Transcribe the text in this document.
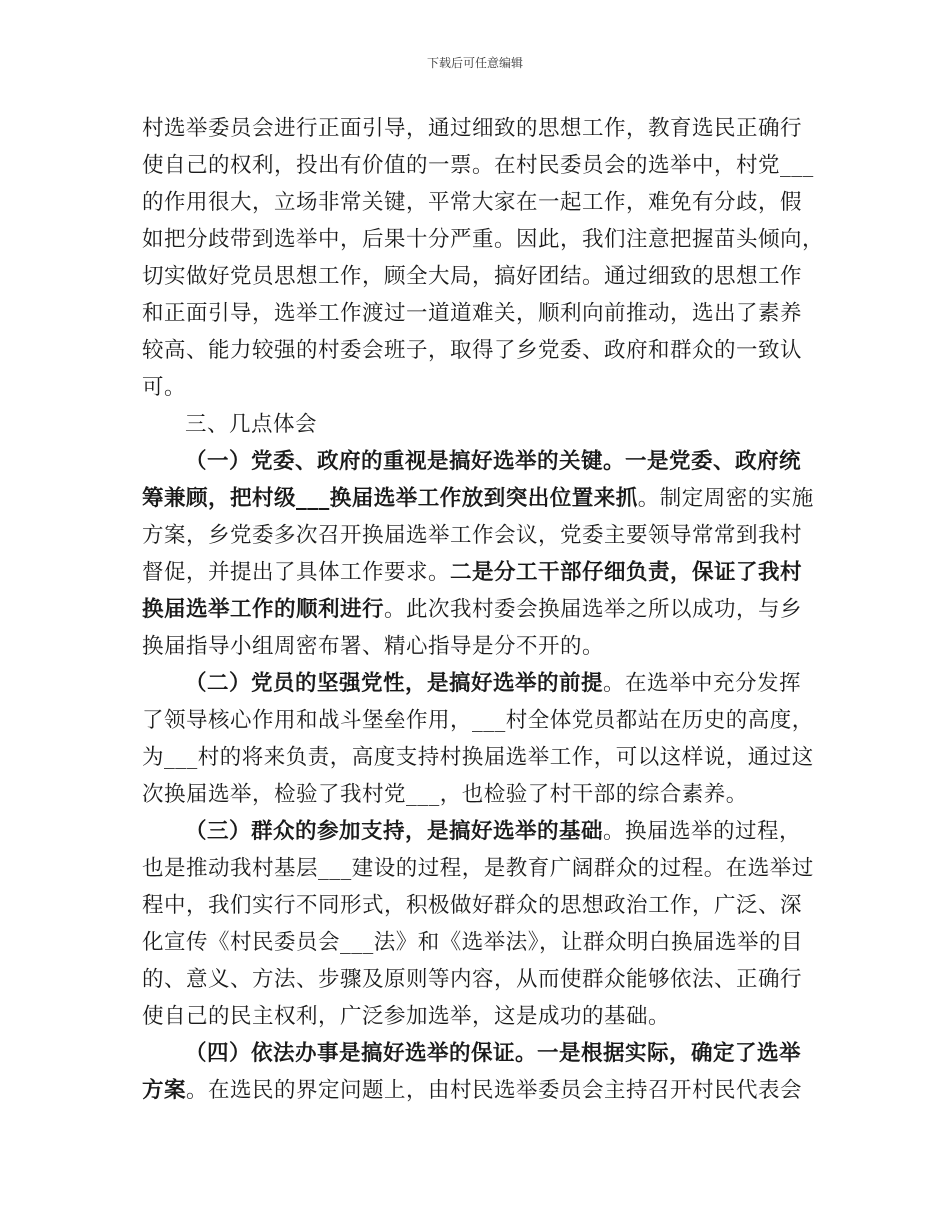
下载后可任意编辑
村选举委员会进行正面引导，通过细致的思想工作，教育选民正确行
使自己的权利，投出有价值的一票。在村民委员会的选举中，村党___
的作用很大，立场非常关键，平常大家在一起工作，难免有分歧，假
如把分歧带到选举中，后果十分严重。因此，我们注意把握苗头倾向，
切实做好党员思想工作，顾全大局，搞好团结。通过细致的思想工作
和正面引导，选举工作渡过一道道难关，顺利向前推动，选出了素养
较高、能力较强的村委会班子，取得了乡党委、政府和群众的一致认
可。
三、几点体会
（一）党委、政府的重视是搞好选举的关键。一是党委、政府统
筹兼顾，把村级___换届选举工作放到突出位置来抓。制定周密的实施
方案，乡党委多次召开换届选举工作会议，党委主要领导常常到我村
督促，并提出了具体工作要求。二是分工干部仔细负责，保证了我村
换届选举工作的顺利进行。此次我村委会换届选举之所以成功，与乡
换届指导小组周密布署、精心指导是分不开的。
（二）党员的坚强党性，是搞好选举的前提。在选举中充分发挥
了领导核心作用和战斗堡垒作用，___村全体党员都站在历史的高度，
为___村的将来负责，高度支持村换届选举工作，可以这样说，通过这
次换届选举，检验了我村党___，也检验了村干部的综合素养。
（三）群众的参加支持，是搞好选举的基础。换届选举的过程，
也是推动我村基层___建设的过程，是教育广阔群众的过程。在选举过
程中，我们实行不同形式，积极做好群众的思想政治工作，广泛、深
化宣传《村民委员会___法》和《选举法》，让群众明白换届选举的目
的、意义、方法、步骤及原则等内容，从而使群众能够依法、正确行
使自己的民主权利，广泛参加选举，这是成功的基础。
（四）依法办事是搞好选举的保证。一是根据实际，确定了选举
方案。在选民的界定问题上，由村民选举委员会主持召开村民代表会
